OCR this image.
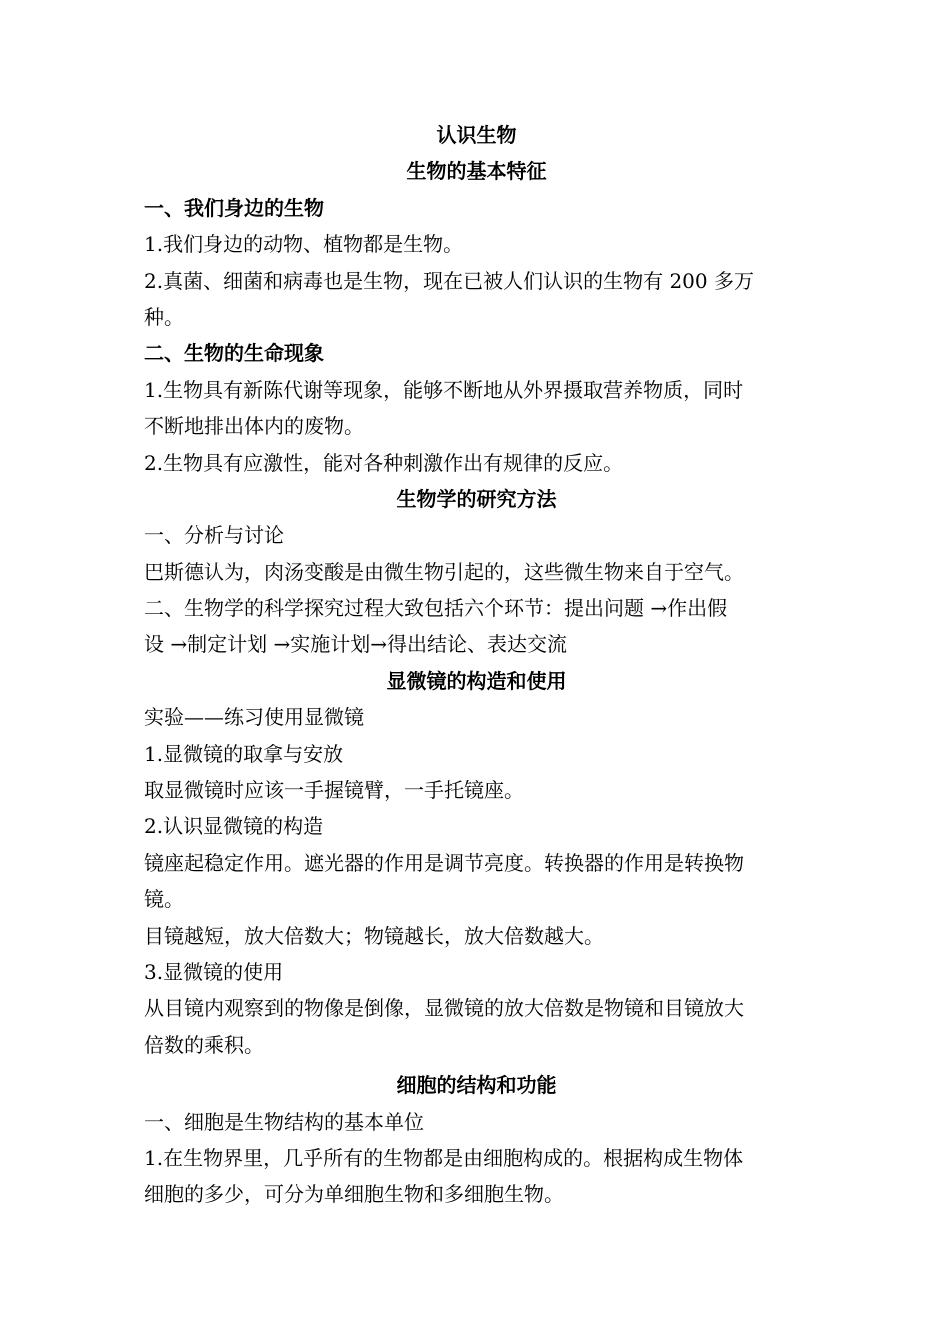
认识生物
生物的基本特征
一、我们身边的生物
1.我们身边的动物、植物都是生物。
2.真菌、细菌和病毒也是生物，现在已被人们认识的生物有 200 多万
种。
二、生物的生命现象
1.生物具有新陈代谢等现象，能够不断地从外界摄取营养物质，同时
不断地排出体内的废物。
2.生物具有应激性，能对各种刺激作出有规律的反应。
生物学的研究方法
一、分析与讨论
巴斯德认为，肉汤变酸是由微生物引起的，这些微生物来自于空气。
二、生物学的科学探究过程大致包括六个环节：提出问题 →作出假
设 →制定计划 →实施计划→得出结论、表达交流
显微镜的构造和使用
实验——练习使用显微镜
1.显微镜的取拿与安放
取显微镜时应该一手握镜臂，一手托镜座。
2.认识显微镜的构造
镜座起稳定作用。遮光器的作用是调节亮度。转换器的作用是转换物
镜。
目镜越短，放大倍数大；物镜越长，放大倍数越大。
3.显微镜的使用
从目镜内观察到的物像是倒像，显微镜的放大倍数是物镜和目镜放大
倍数的乘积。
细胞的结构和功能
一、细胞是生物结构的基本单位
1.在生物界里，几乎所有的生物都是由细胞构成的。根据构成生物体
细胞的多少，可分为单细胞生物和多细胞生物。
